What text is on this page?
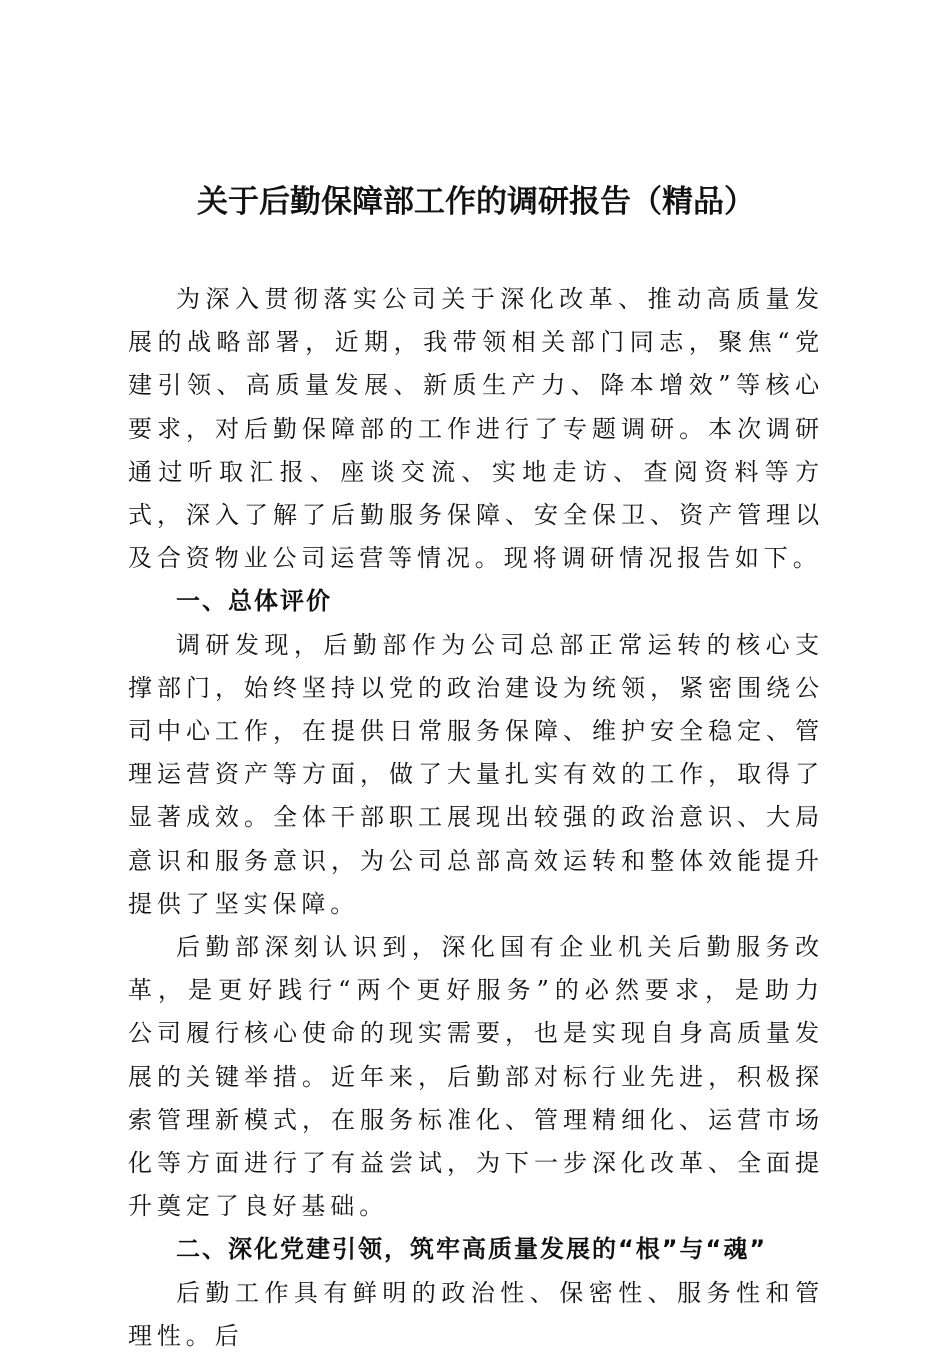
关于后勤保障部工作的调研报告（精品）

为深入贯彻落实公司关于深化改革、推动高质量发展的战略部署，近期，我带领相关部门同志，聚焦“党建引领、高质量发展、新质生产力、降本增效”等核心要求，对后勤保障部的工作进行了专题调研。本次调研通过听取汇报、座谈交流、实地走访、查阅资料等方式，深入了解了后勤服务保障、安全保卫、资产管理以及合资物业公司运营等情况。现将调研情况报告如下。

一、总体评价

调研发现，后勤部作为公司总部正常运转的核心支撑部门，始终坚持以党的政治建设为统领，紧密围绕公司中心工作，在提供日常服务保障、维护安全稳定、管理运营资产等方面，做了大量扎实有效的工作，取得了显著成效。全体干部职工展现出较强的政治意识、大局意识和服务意识，为公司总部高效运转和整体效能提升提供了坚实保障。

后勤部深刻认识到，深化国有企业机关后勤服务改革，是更好践行“两个更好服务”的必然要求，是助力公司履行核心使命的现实需要，也是实现自身高质量发展的关键举措。近年来，后勤部对标行业先进，积极探索管理新模式，在服务标准化、管理精细化、运营市场化等方面进行了有益尝试，为下一步深化改革、全面提升奠定了良好基础。

二、深化党建引领，筑牢高质量发展的“根”与“魂”

后勤工作具有鲜明的政治性、保密性、服务性和管理性。后
